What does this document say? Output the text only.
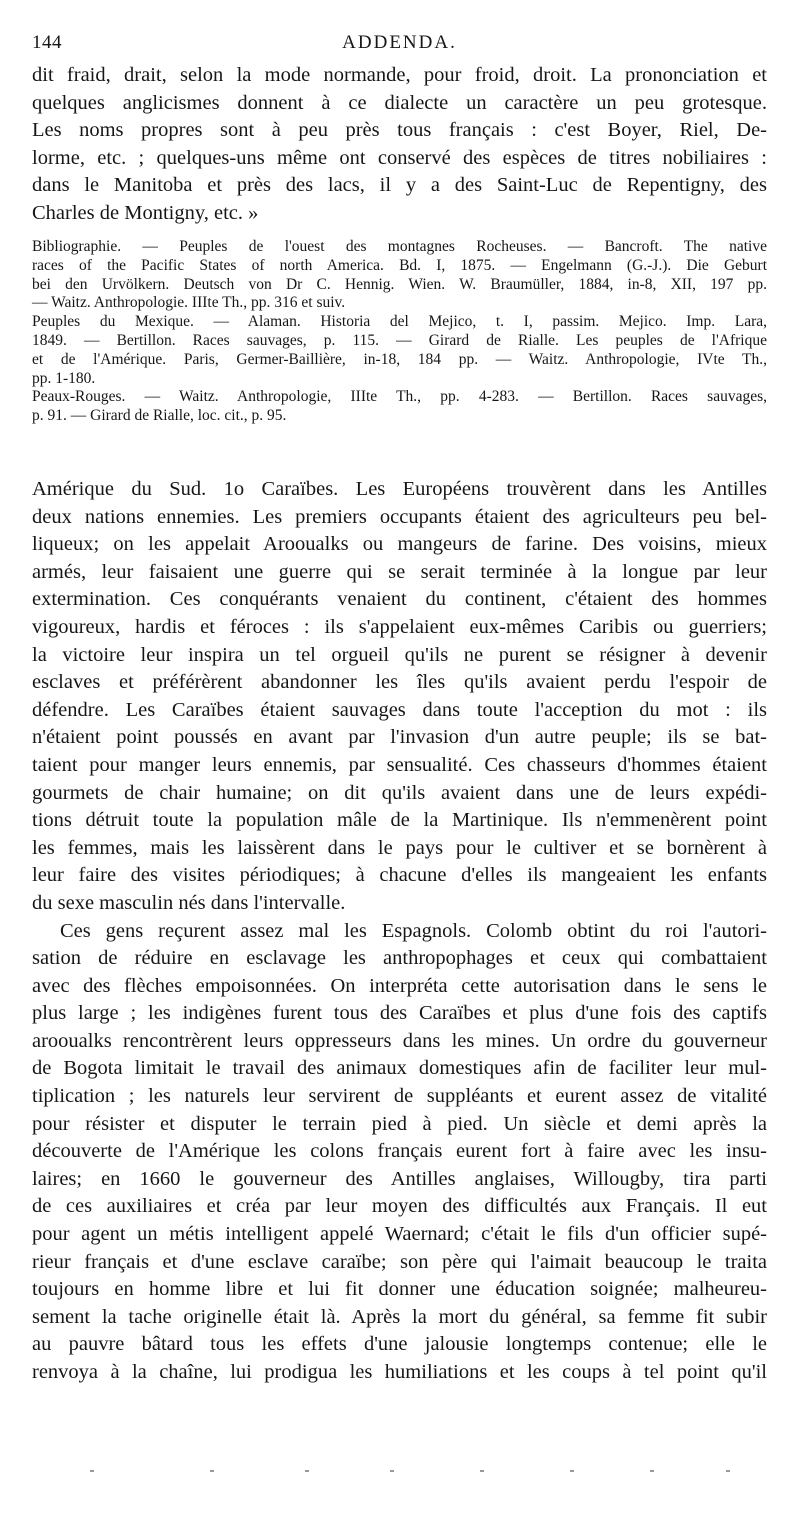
144	ADDENDA.
dit fraid, drait, selon la mode normande, pour froid, droit. La prononciation et
quelques anglicismes donnent à ce dialecte un caractère un peu grotesque.
Les noms propres sont à peu près tous français : c'est Boyer, Riel, De-
lorme, etc. ; quelques-uns même ont conservé des espèces de titres nobiliaires :
dans le Manitoba et près des lacs, il y a des Saint-Luc de Repentigny, des
Charles de Montigny, etc. »
Bibliographie. — Peuples de l'ouest des montagnes Rocheuses. — Bancroft. The native
races of the Pacific States of north America. Bd. I, 1875. — Engelmann (G.-J.). Die Geburt
bei den Urvölkern. Deutsch von Dr C. Hennig. Wien. W. Braumüller, 1884, in-8, XII, 197 pp.
— Waitz. Anthropologie. IIIte Th., pp. 316 et suiv.
Peuples du Mexique. — Alaman. Historia del Mejico, t. I, passim. Mejico. Imp. Lara,
1849. — Bertillon. Races sauvages, p. 115. — Girard de Rialle. Les peuples de l'Afrique
et de l'Amérique. Paris, Germer-Baillière, in-18, 184 pp. — Waitz. Anthropologie, IVte Th.,
pp. 1-180.
Peaux-Rouges. — Waitz. Anthropologie, IIIte Th., pp. 4-283. — Bertillon. Races sauvages,
p. 91. — Girard de Rialle, loc. cit., p. 95.
Amérique du Sud. 1o Caraïbes. Les Européens trouvèrent dans les Antilles
deux nations ennemies. Les premiers occupants étaient des agriculteurs peu bel-
liqueux; on les appelait Arooualks ou mangeurs de farine. Des voisins, mieux
armés, leur faisaient une guerre qui se serait terminée à la longue par leur
extermination. Ces conquérants venaient du continent, c'étaient des hommes
vigoureux, hardis et féroces : ils s'appelaient eux-mêmes Caribis ou guerriers;
la victoire leur inspira un tel orgueil qu'ils ne purent se résigner à devenir
esclaves et préférèrent abandonner les îles qu'ils avaient perdu l'espoir de
défendre. Les Caraïbes étaient sauvages dans toute l'acception du mot : ils
n'étaient point poussés en avant par l'invasion d'un autre peuple; ils se bat-
taient pour manger leurs ennemis, par sensualité. Ces chasseurs d'hommes étaient
gourmets de chair humaine; on dit qu'ils avaient dans une de leurs expédi-
tions détruit toute la population mâle de la Martinique. Ils n'emmenèrent point
les femmes, mais les laissèrent dans le pays pour le cultiver et se bornèrent à
leur faire des visites périodiques; à chacune d'elles ils mangeaient les enfants
du sexe masculin nés dans l'intervalle.
Ces gens reçurent assez mal les Espagnols. Colomb obtint du roi l'autori-
sation de réduire en esclavage les anthropophages et ceux qui combattaient
avec des flèches empoisonnées. On interpréta cette autorisation dans le sens le
plus large ; les indigènes furent tous des Caraïbes et plus d'une fois des captifs
arooualks rencontrèrent leurs oppresseurs dans les mines. Un ordre du gouverneur
de Bogota limitait le travail des animaux domestiques afin de faciliter leur mul-
tiplication ; les naturels leur servirent de suppléants et eurent assez de vitalité
pour résister et disputer le terrain pied à pied. Un siècle et demi après la
découverte de l'Amérique les colons français eurent fort à faire avec les insu-
laires; en 1660 le gouverneur des Antilles anglaises, Willougby, tira parti
de ces auxiliaires et créa par leur moyen des difficultés aux Français. Il eut
pour agent un métis intelligent appelé Waernard; c'était le fils d'un officier supé-
rieur français et d'une esclave caraïbe; son père qui l'aimait beaucoup le traita
toujours en homme libre et lui fit donner une éducation soignée; malheureu-
sement la tache originelle était là. Après la mort du général, sa femme fit subir
au pauvre bâtard tous les effets d'une jalousie longtemps contenue; elle le
renvoya à la chaîne, lui prodigua les humiliations et les coups à tel point qu'il
